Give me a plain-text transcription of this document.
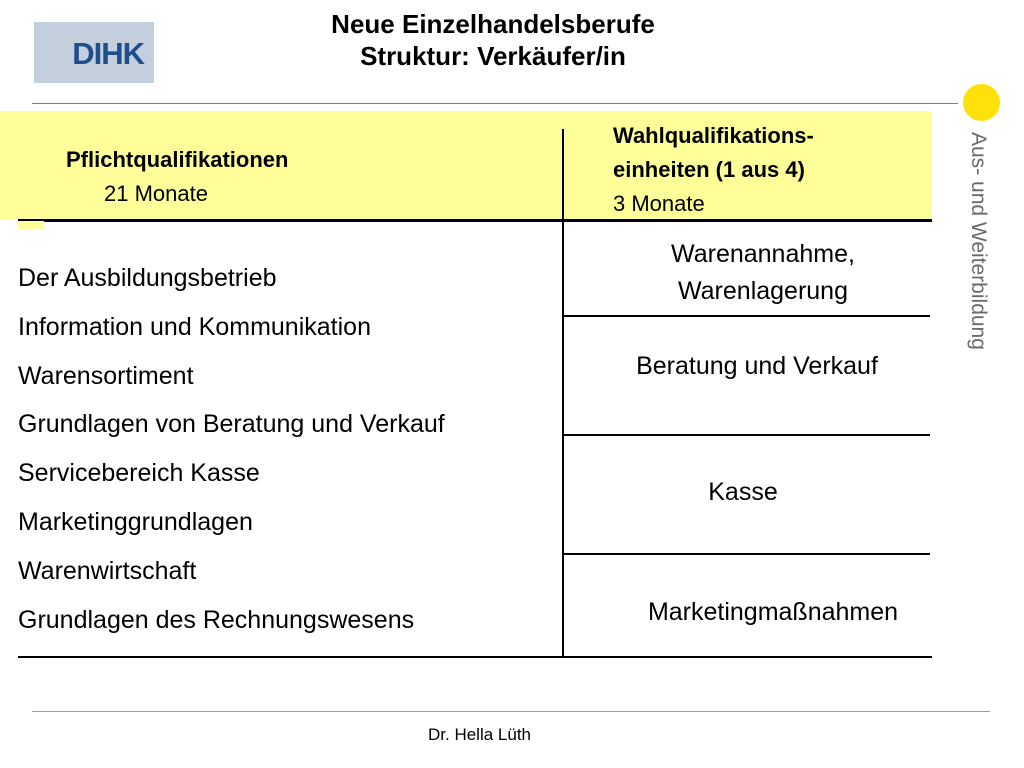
DIHK
Neue Einzelhandelsberufe
Struktur: Verkäufer/in
Pflichtqualifikationen
21 Monate
Wahlqualifikations-
einheiten (1 aus 4)
3 Monate
Der Ausbildungsbetrieb
Information und Kommunikation
Warensortiment
Grundlagen von Beratung und Verkauf
Servicebereich Kasse
Marketinggrundlagen
Warenwirtschaft
Grundlagen des Rechnungswesens
Warenannahme,
Warenlagerung
Beratung und Verkauf
Kasse
Marketingmaßnahmen
Aus- und Weiterbildung
Dr. Hella Lüth
